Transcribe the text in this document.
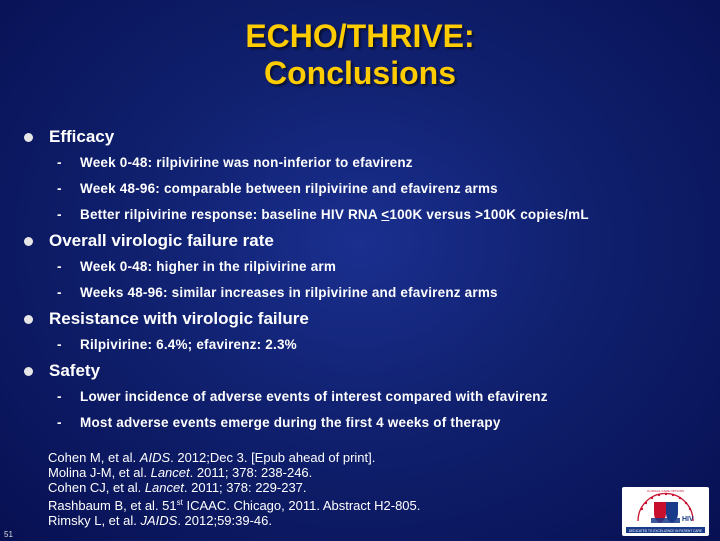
ECHO/THRIVE:
Conclusions
Efficacy
- Week 0-48: rilpivirine was non-inferior to efavirenz
- Week 48-96: comparable between rilpivirine and efavirenz arms
- Better rilpivirine response: baseline HIV RNA ≤100K versus >100K copies/mL
Overall virologic failure rate
- Week 0-48: higher in the rilpivirine arm
- Weeks 48-96: similar increases in rilpivirine and efavirenz arms
Resistance with virologic failure
- Rilpivirine: 6.4%; efavirenz: 2.3%
Safety
- Lower incidence of adverse events of interest compared with efavirenz
- Most adverse events emerge during the first 4 weeks of therapy
Cohen M, et al. AIDS. 2012;Dec 3. [Epub ahead of print].
Molina J-M, et al. Lancet. 2011; 378: 238-246.
Cohen CJ, et al. Lancet. 2011; 378: 229-237.
Rashbaum B, et al. 51st ICAAC. Chicago, 2011. Abstract H2-805.
Rimsky L, et al. JAIDS. 2012;59:39-46.
51
HIV
DEDICATED TO EXCELLENCE IN PATIENT CARE
CLINICAL CARE OPTIONS
